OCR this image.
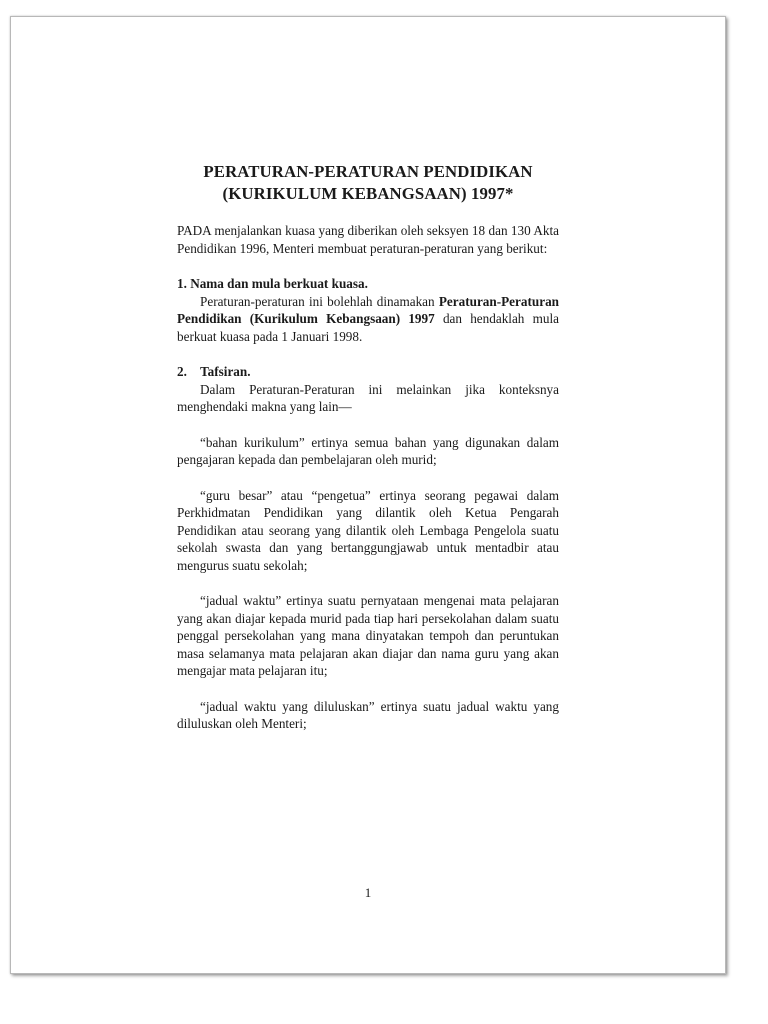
PERATURAN-PERATURAN PENDIDIKAN
(KURIKULUM KEBANGSAAN) 1997*

PADA menjalankan kuasa yang diberikan oleh seksyen 18 dan 130 Akta Pendidikan 1996, Menteri membuat peraturan-peraturan yang berikut:

1. Nama dan mula berkuat kuasa.

Peraturan-peraturan ini bolehlah dinamakan Peraturan-Peraturan Pendidikan (Kurikulum Kebangsaan) 1997 dan hendaklah mula berkuat kuasa pada 1 Januari 1998.

2.    Tafsiran.

Dalam Peraturan-Peraturan ini melainkan jika konteksnya menghendaki makna yang lain—

“bahan kurikulum” ertinya semua bahan yang digunakan dalam pengajaran kepada dan pembelajaran oleh murid;

“guru besar” atau “pengetua” ertinya seorang pegawai dalam Perkhidmatan Pendidikan yang dilantik oleh Ketua Pengarah Pendidikan atau seorang yang dilantik oleh Lembaga Pengelola suatu sekolah swasta dan yang bertanggungjawab untuk mentadbir atau mengurus suatu sekolah;

“jadual waktu” ertinya suatu pernyataan mengenai mata pelajaran yang akan diajar kepada murid pada tiap hari persekolahan dalam suatu penggal persekolahan yang mana dinyatakan tempoh dan peruntukan masa selamanya mata pelajaran akan diajar dan nama guru yang akan mengajar mata pelajaran itu;

“jadual waktu yang diluluskan” ertinya suatu jadual waktu yang diluluskan oleh Menteri;

1
